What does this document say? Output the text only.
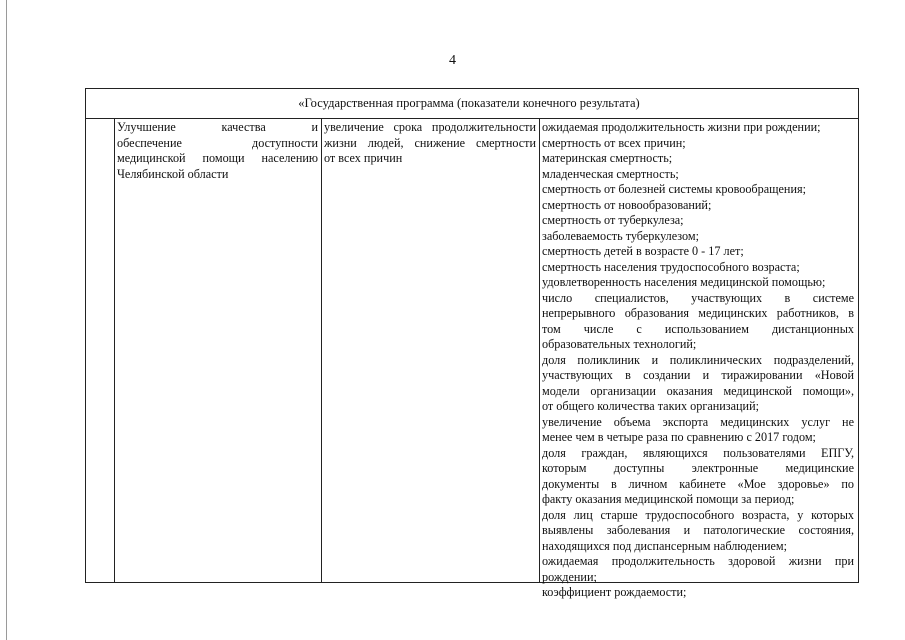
4
«Государственная программа (показатели конечного результата)
Улучшение качества и
обеспечение доступности
медицинской помощи населению
Челябинской области
увеличение срока продолжительности
жизни людей, снижение смертности
от всех причин
ожидаемая продолжительность жизни при рождении;
смертность от всех причин;
материнская смертность;
младенческая смертность;
смертность от болезней системы кровообращения;
смертность от новообразований;
смертность от туберкулеза;
заболеваемость туберкулезом;
смертность детей в возрасте 0 - 17 лет;
смертность населения трудоспособного возраста;
удовлетворенность населения медицинской помощью;
число специалистов, участвующих в системе
непрерывного образования медицинских работников, в
том числе с использованием дистанционных
образовательных технологий;
доля поликлиник и поликлинических подразделений,
участвующих в создании и тиражировании «Новой
модели организации оказания медицинской помощи»,
от общего количества таких организаций;
увеличение объема экспорта медицинских услуг не
менее чем в четыре раза по сравнению с 2017 годом;
доля граждан, являющихся пользователями ЕПГУ,
которым доступны электронные медицинские
документы в личном кабинете «Мое здоровье» по
факту оказания медицинской помощи за период;
доля лиц старше трудоспособного возраста, у которых
выявлены заболевания и патологические состояния,
находящихся под диспансерным наблюдением;
ожидаемая продолжительность здоровой жизни при
рождении;
коэффициент рождаемости;
